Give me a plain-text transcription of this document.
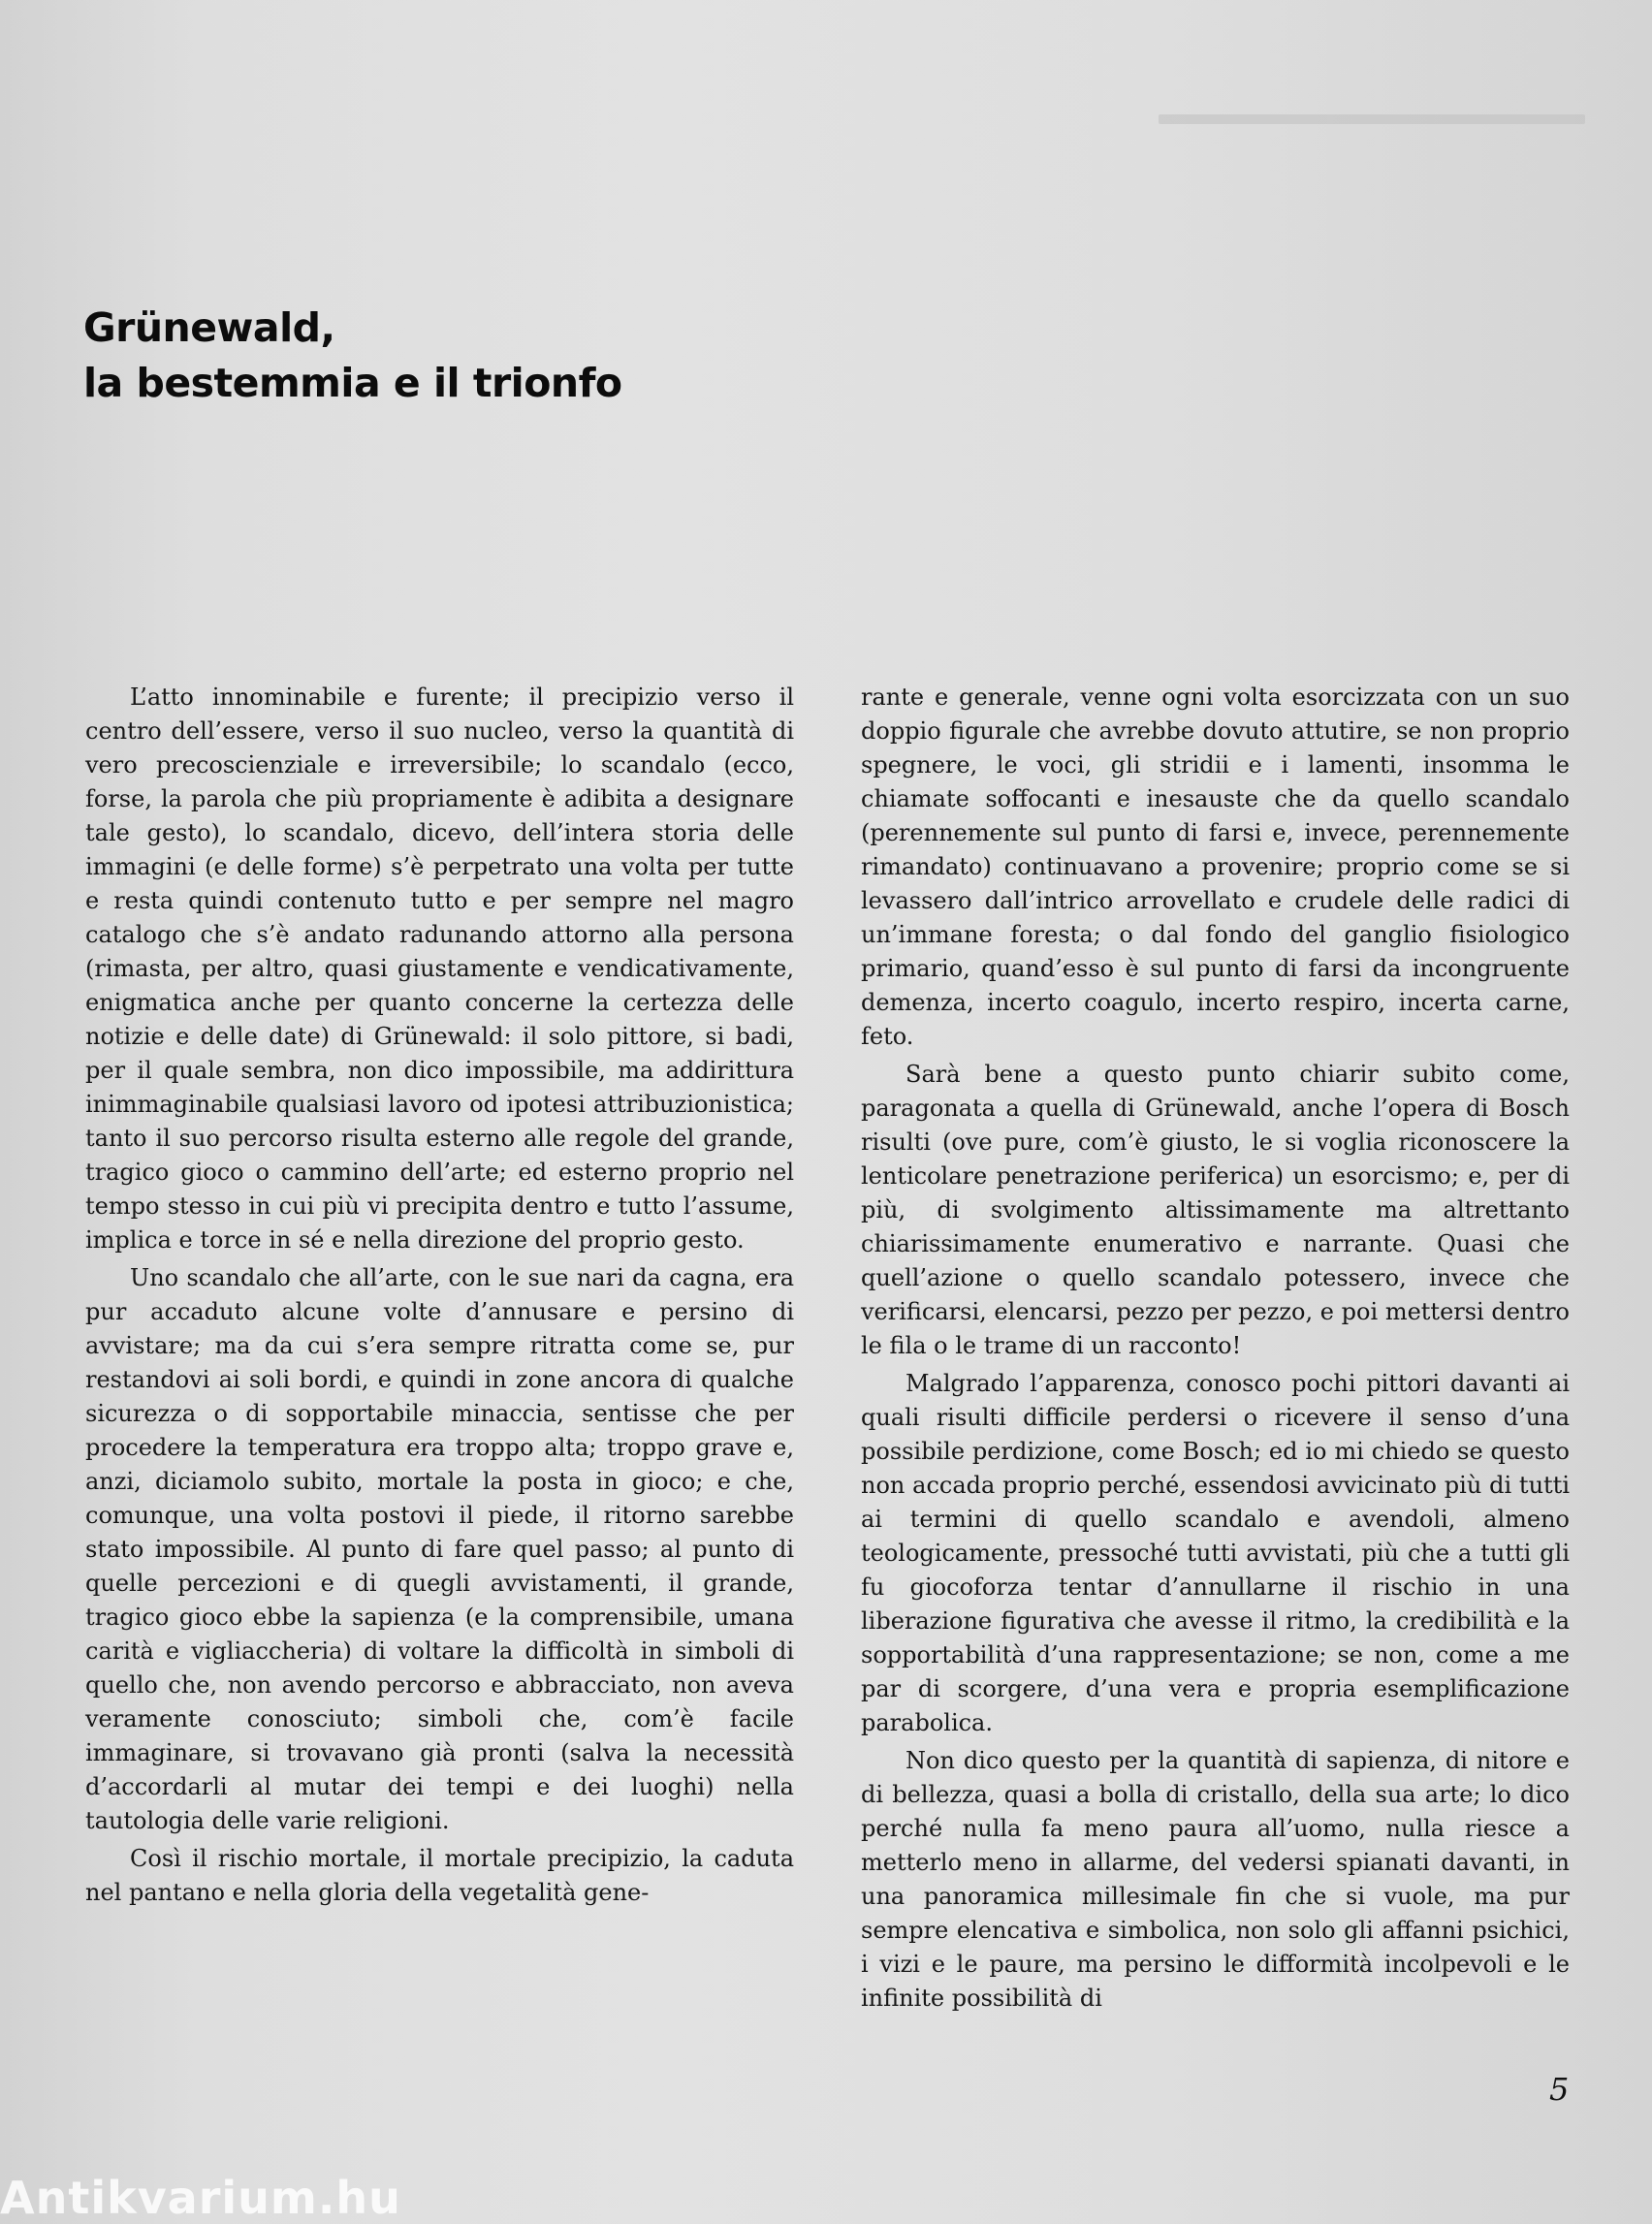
Grünewald,
la bestemmia e il trionfo

L’atto innominabile e furente; il precipizio verso il centro dell’essere, verso il suo nucleo, verso la quantità di vero precoscienziale e irreversibile; lo scandalo (ecco, forse, la parola che più propriamente è adibita a designare tale gesto), lo scandalo, dicevo, dell’intera storia delle immagini (e delle forme) s’è perpetrato una volta per tutte e resta quindi contenuto tutto e per sempre nel magro catalogo che s’è andato radunando attorno alla persona (rimasta, per altro, quasi giustamente e vendicativamente, enigmatica anche per quanto concerne la certezza delle notizie e delle date) di Grünewald: il solo pittore, si badi, per il quale sembra, non dico impossibile, ma addirittura inimmaginabile qualsiasi lavoro od ipotesi attribuzionistica; tanto il suo percorso risulta esterno alle regole del grande, tragico gioco o cammino dell’arte; ed esterno proprio nel tempo stesso in cui più vi precipita dentro e tutto l’assume, implica e torce in sé e nella direzione del proprio gesto.

Uno scandalo che all’arte, con le sue nari da cagna, era pur accaduto alcune volte d’annusare e persino di avvistare; ma da cui s’era sempre ritratta come se, pur restandovi ai soli bordi, e quindi in zone ancora di qualche sicurezza o di sopportabile minaccia, sentisse che per procedere la temperatura era troppo alta; troppo grave e, anzi, diciamolo subito, mortale la posta in gioco; e che, comunque, una volta postovi il piede, il ritorno sarebbe stato impossibile. Al punto di fare quel passo; al punto di quelle percezioni e di quegli avvistamenti, il grande, tragico gioco ebbe la sapienza (e la comprensibile, umana carità e vigliaccheria) di voltare la difficoltà in simboli di quello che, non avendo percorso e abbracciato, non aveva veramente conosciuto; simboli che, com’è facile immaginare, si trovavano già pronti (salva la necessità d’accordarli al mutar dei tempi e dei luoghi) nella tautologia delle varie religioni.

Così il rischio mortale, il mortale precipizio, la caduta nel pantano e nella gloria della vegetalità gene-

rante e generale, venne ogni volta esorcizzata con un suo doppio figurale che avrebbe dovuto attutire, se non proprio spegnere, le voci, gli stridii e i lamenti, insomma le chiamate soffocanti e inesauste che da quello scandalo (perennemente sul punto di farsi e, invece, perennemente rimandato) continuavano a provenire; proprio come se si levassero dall’intrico arrovellato e crudele delle radici di un’immane foresta; o dal fondo del ganglio fisiologico primario, quand’esso è sul punto di farsi da incongruente demenza, incerto coagulo, incerto respiro, incerta carne, feto.

Sarà bene a questo punto chiarir subito come, paragonata a quella di Grünewald, anche l’opera di Bosch risulti (ove pure, com’è giusto, le si voglia riconoscere la lenticolare penetrazione periferica) un esorcismo; e, per di più, di svolgimento altissimamente ma altrettanto chiarissimamente enumerativo e narrante. Quasi che quell’azione o quello scandalo potessero, invece che verificarsi, elencarsi, pezzo per pezzo, e poi mettersi dentro le fila o le trame di un racconto!

Malgrado l’apparenza, conosco pochi pittori davanti ai quali risulti difficile perdersi o ricevere il senso d’una possibile perdizione, come Bosch; ed io mi chiedo se questo non accada proprio perché, essendosi avvicinato più di tutti ai termini di quello scandalo e avendoli, almeno teologicamente, pressoché tutti avvistati, più che a tutti gli fu giocoforza tentar d’annullarne il rischio in una liberazione figurativa che avesse il ritmo, la credibilità e la sopportabilità d’una rappresentazione; se non, come a me par di scorgere, d’una vera e propria esemplificazione parabolica.

Non dico questo per la quantità di sapienza, di nitore e di bellezza, quasi a bolla di cristallo, della sua arte; lo dico perché nulla fa meno paura all’uomo, nulla riesce a metterlo meno in allarme, del vedersi spianati davanti, in una panoramica millesimale fin che si vuole, ma pur sempre elencativa e simbolica, non solo gli affanni psichici, i vizi e le paure, ma persino le difformità incolpevoli e le infinite possibilità di

5
Antikvarium.hu
